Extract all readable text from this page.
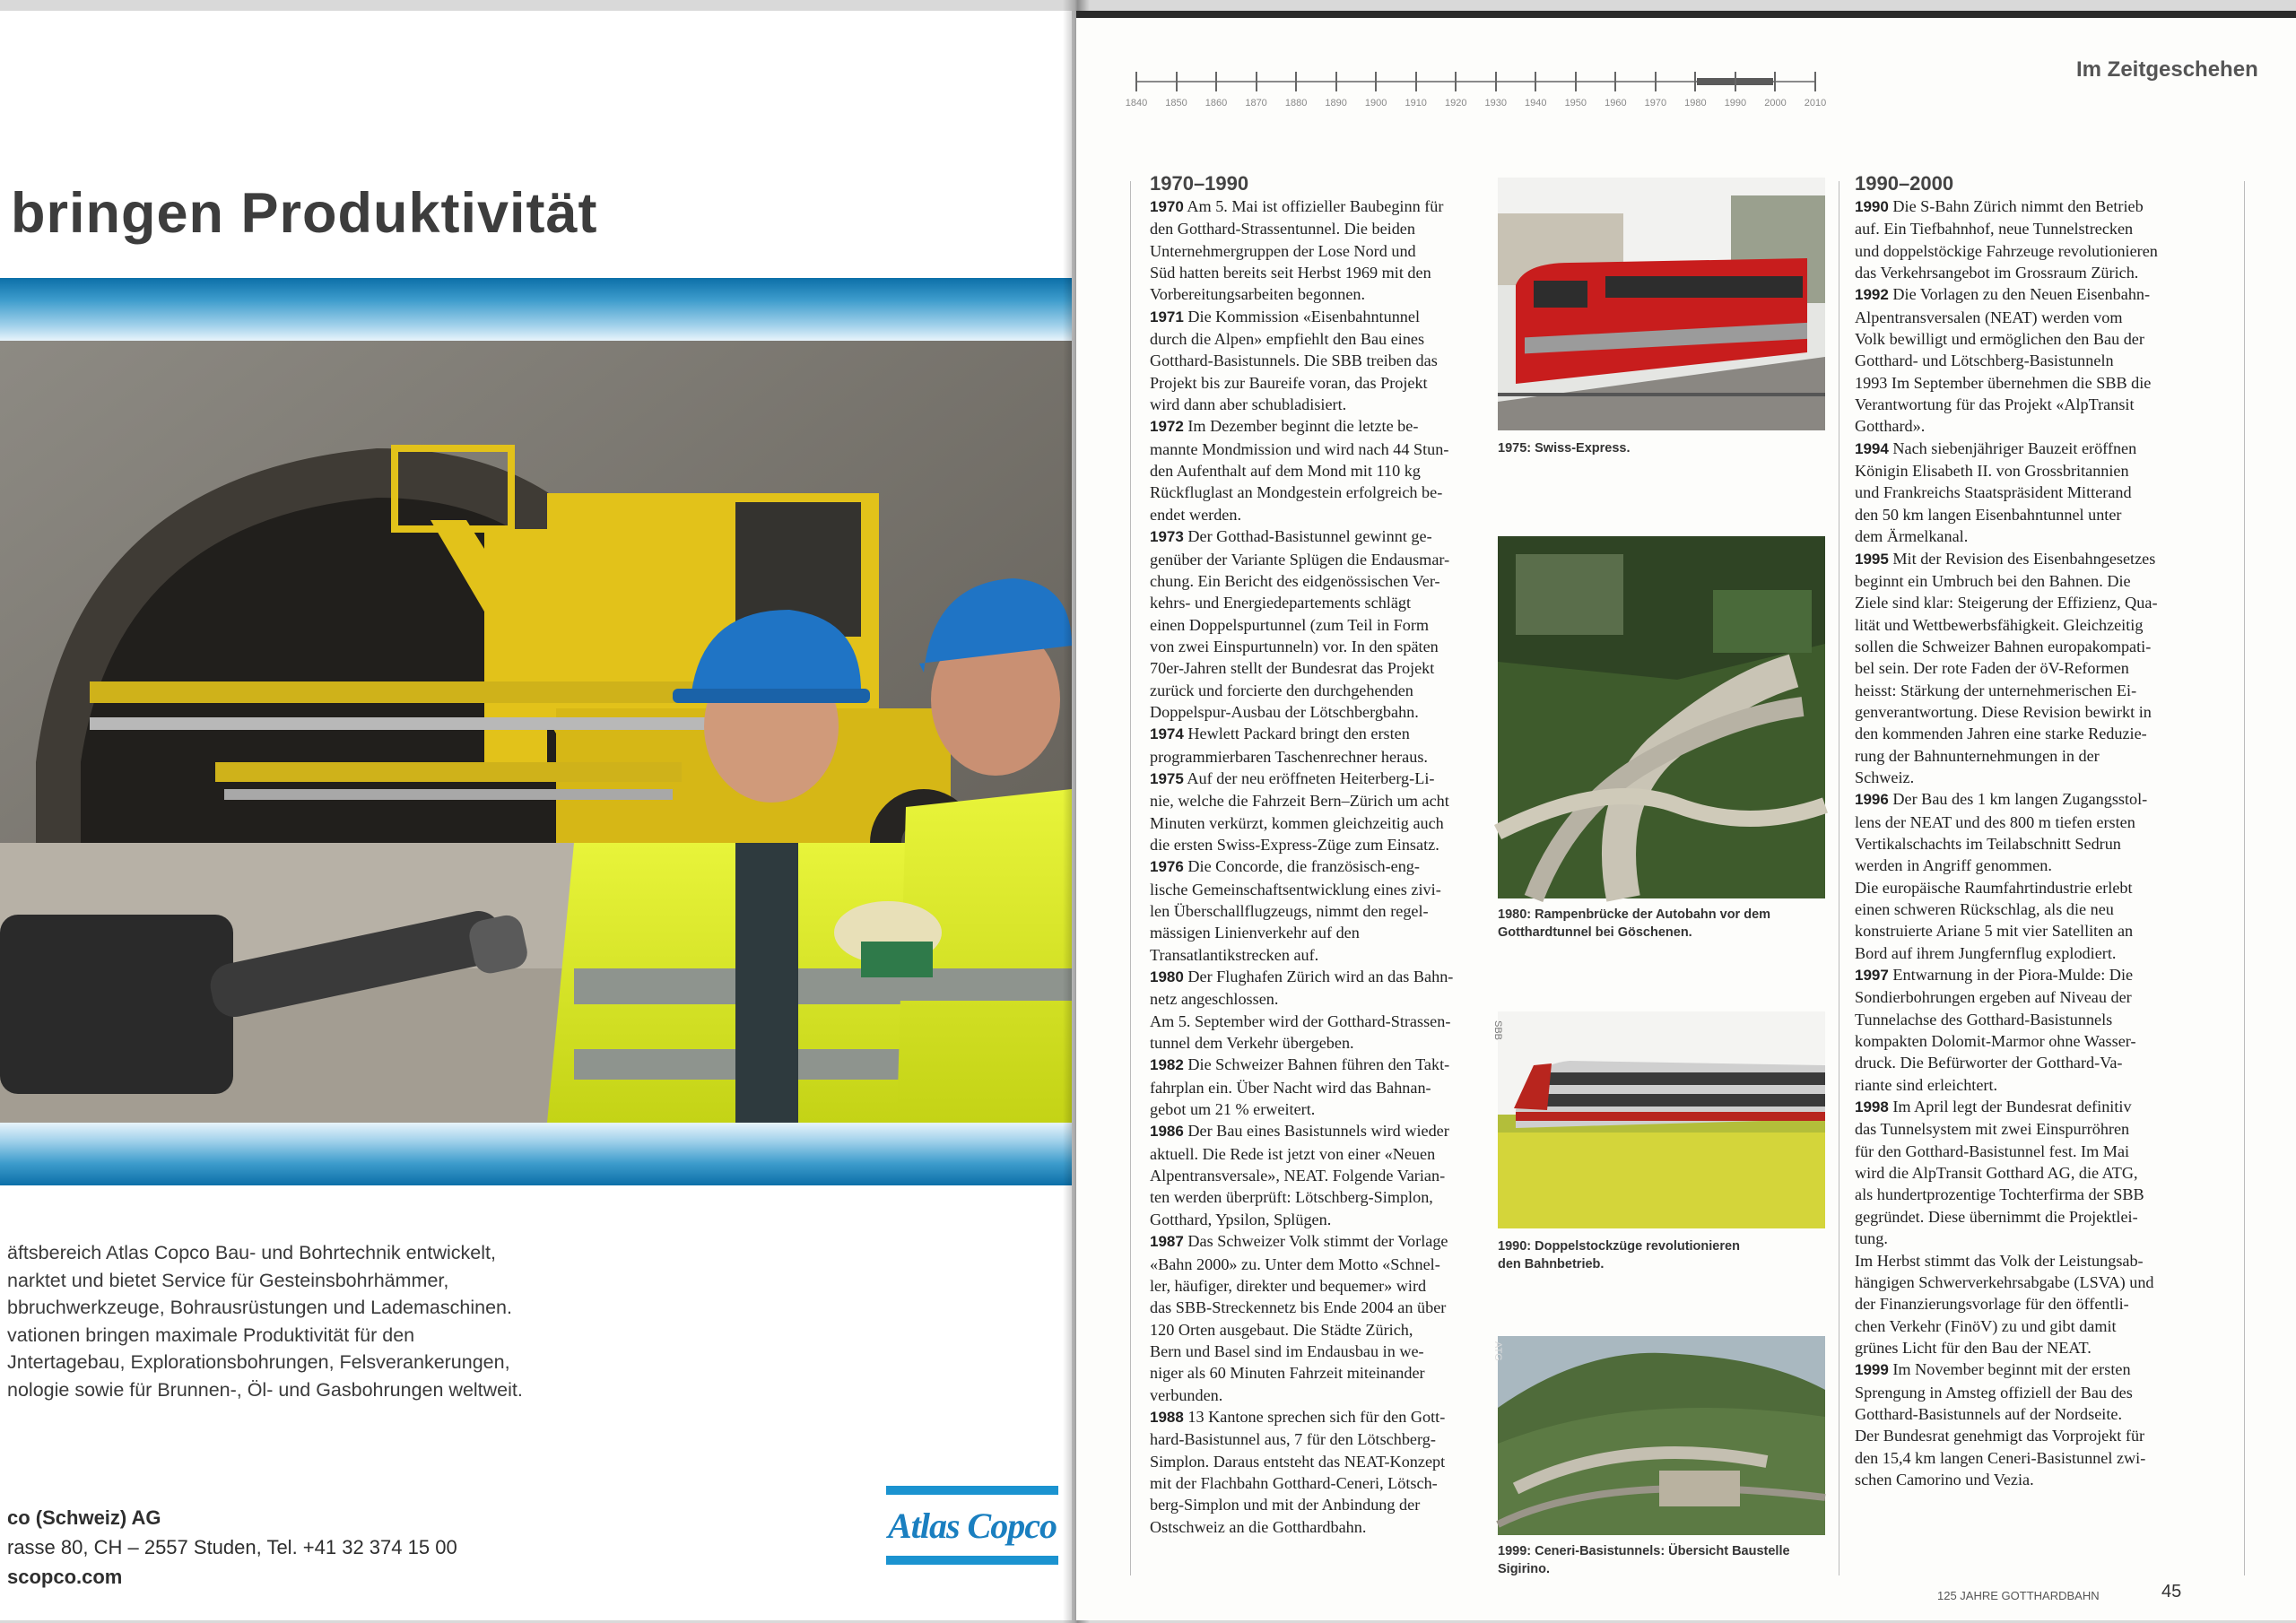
bringen Produktivität
äftsbereich Atlas Copco Bau- und Bohrtechnik entwickelt,
narktet und bietet Service für Gesteinsbohrhämmer,
bbruchwerkzeuge, Bohrausrüstungen und Lademaschinen.
vationen bringen maximale Produktivität für den
Jntertagebau, Explorationsbohrungen, Felsverankerungen,
nologie sowie für Brunnen-, Öl- und Gasbohrungen weltweit.
co (Schweiz) AG
rasse 80, CH – 2557 Studen, Tel. +41 32 374 15 00
scopco.com
Atlas Copco
1840	1850	1860	1870	1880	1890	1900	1910	1920	1930	1940	1950	1960	1970	1980	1990	2000	2010
Im Zeitgeschehen
1970–1990

1970 Am 5. Mai ist offizieller Baubeginn für

den Gotthard-Strassentunnel. Die beiden

Unternehmergruppen der Lose Nord und

Süd hatten bereits seit Herbst 1969 mit den

Vorbereitungsarbeiten begonnen.

1971 Die Kommission «Eisenbahntunnel

durch die Alpen» empfiehlt den Bau eines

Gotthard-Basistunnels. Die SBB treiben das

Projekt bis zur Baureife voran, das Projekt

wird dann aber schubladisiert.

1972 Im Dezember beginnt die letzte be-

mannte Mondmission und wird nach 44 Stun-

den Aufenthalt auf dem Mond mit 110 kg

Rückfluglast an Mondgestein erfolgreich be-

endet werden.

1973 Der Gotthad-Basistunnel gewinnt ge-

genüber der Variante Splügen die Endausmar-

chung. Ein Bericht des eidgenössischen Ver-

kehrs- und Energiedepartements schlägt

einen Doppelspurtunnel (zum Teil in Form

von zwei Einspurtunneln) vor. In den späten

70er-Jahren stellt der Bundesrat das Projekt

zurück und forcierte den durchgehenden

Doppelspur-Ausbau der Lötschbergbahn.

1974 Hewlett Packard bringt den ersten

programmierbaren Taschenrechner heraus.

1975 Auf der neu eröffneten Heiterberg-Li-

nie, welche die Fahrzeit Bern–Zürich um acht

Minuten verkürzt, kommen gleichzeitig auch

die ersten Swiss-Express-Züge zum Einsatz.

1976 Die Concorde, die französisch-eng-

lische Gemeinschaftsentwicklung eines zivi-

len Überschallflugzeugs, nimmt den regel-

mässigen Linienverkehr auf den

Transatlantikstrecken auf.

1980 Der Flughafen Zürich wird an das Bahn-

netz angeschlossen.

Am 5. September wird der Gotthard-Strassen-

tunnel dem Verkehr übergeben.

1982 Die Schweizer Bahnen führen den Takt-

fahrplan ein. Über Nacht wird das Bahnan-

gebot um 21 % erweitert.

1986 Der Bau eines Basistunnels wird wieder

aktuell. Die Rede ist jetzt von einer «Neuen

Alpentransversale», NEAT. Folgende Varian-

ten werden überprüft: Lötschberg-Simplon,

Gotthard, Ypsilon, Splügen.

1987 Das Schweizer Volk stimmt der Vorlage

«Bahn 2000» zu. Unter dem Motto «Schnel-

ler, häufiger, direkter und bequemer» wird

das SBB-Streckennetz bis Ende 2004 an über

120 Orten ausgebaut. Die Städte Zürich,

Bern und Basel sind im Endausbau in we-

niger als 60 Minuten Fahrzeit miteinander

verbunden.

1988 13 Kantone sprechen sich für den Gott-

hard-Basistunnel aus, 7 für den Lötschberg-

Simplon. Daraus entsteht das NEAT-Konzept

mit der Flachbahn Gotthard-Ceneri, Lötsch-

berg-Simplon und mit der Anbindung der

Ostschweiz an die Gotthardbahn.

1990–2000

1990 Die S-Bahn Zürich nimmt den Betrieb

auf. Ein Tiefbahnhof, neue Tunnelstrecken

und doppelstöckige Fahrzeuge revolutionieren

das Verkehrsangebot im Grossraum Zürich.

1992 Die Vorlagen zu den Neuen Eisenbahn-

Alpentransversalen (NEAT) werden vom

Volk bewilligt und ermöglichen den Bau der

Gotthard- und Lötschberg-Basistunneln

1993 Im September übernehmen die SBB die

Verantwortung für das Projekt «AlpTransit

Gotthard».

1994 Nach siebenjähriger Bauzeit eröffnen

Königin Elisabeth II. von Grossbritannien

und Frankreichs Staatspräsident Mitterand

den 50 km langen Eisenbahntunnel unter

dem Ärmelkanal.

1995 Mit der Revision des Eisenbahngesetzes

beginnt ein Umbruch bei den Bahnen. Die

Ziele sind klar: Steigerung der Effizienz, Qua-

lität und Wettbewerbsfähigkeit. Gleichzeitig

sollen die Schweizer Bahnen europakompati-

bel sein. Der rote Faden der öV-Reformen

heisst: Stärkung der unternehmerischen Ei-

genverantwortung. Diese Revision bewirkt in

den kommenden Jahren eine starke Reduzie-

rung der Bahnunternehmungen in der

Schweiz.

1996 Der Bau des 1 km langen Zugangsstol-

lens der NEAT und des 800 m tiefen ersten

Vertikalschachts im Teilabschnitt Sedrun

werden in Angriff genommen.

Die europäische Raumfahrtindustrie erlebt

einen schweren Rückschlag, als die neu

konstruierte Ariane 5 mit vier Satelliten an

Bord auf ihrem Jungfernflug explodiert.

1997 Entwarnung in der Piora-Mulde: Die

Sondierbohrungen ergeben auf Niveau der

Tunnelachse des Gotthard-Basistunnels

kompakten Dolomit-Marmor ohne Wasser-

druck. Die Befürworter der Gotthard-Va-

riante sind erleichtert.

1998 Im April legt der Bundesrat definitiv

das Tunnelsystem mit zwei Einspurröhren

für den Gotthard-Basistunnel fest. Im Mai

wird die AlpTransit Gotthard AG, die ATG,

als hundertprozentige Tochterfirma der SBB

gegründet. Diese übernimmt die Projektlei-

tung.

Im Herbst stimmt das Volk der Leistungsab-

hängigen Schwerverkehrsabgabe (LSVA) und

der Finanzierungsvorlage für den öffentli-

chen Verkehr (FinöV) zu und gibt damit

grünes Licht für den Bau der NEAT.

1999 Im November beginnt mit der ersten

Sprengung in Amsteg offiziell der Bau des

Gotthard-Basistunnels auf der Nordseite.

Der Bundesrat genehmigt das Vorprojekt für

den 15,4 km langen Ceneri-Basistunnel zwi-

schen Camorino und Vezia.

1975: Swiss-Express.
1980: Rampenbrücke der Autobahn vor dem
Gotthardtunnel bei Göschenen.
SBB
1990: Doppelstockzüge revolutionieren
den Bahnbetrieb.
ATG
1999: Ceneri-Basistunnels: Übersicht Baustelle
Sigirino.
125 JAHRE GOTTHARDBAHN	45
